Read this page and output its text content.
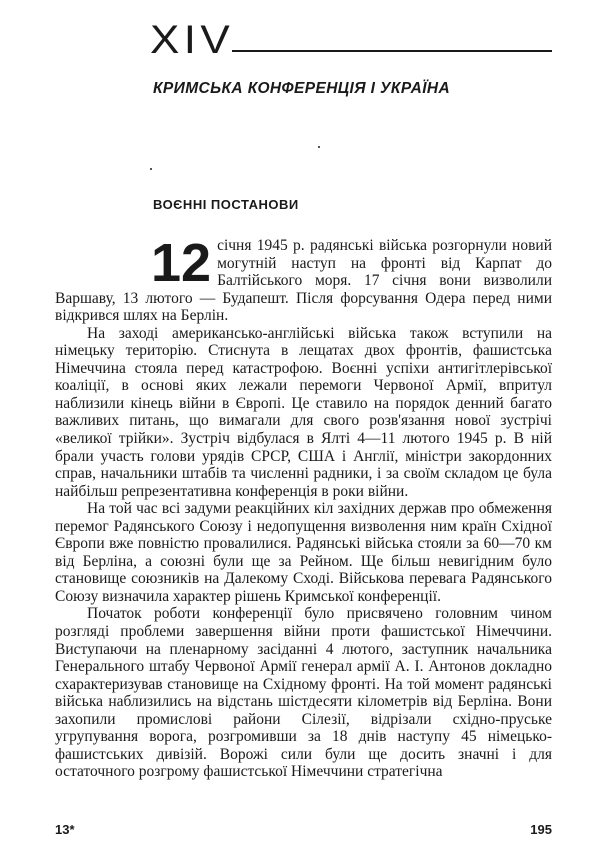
XIV
КРИМСЬКА КОНФЕРЕНЦІЯ І УКРАЇНА
ВОЄННІ ПОСТАНОВИ

12 січня 1945 р. радянські війська розгорнули новий могутній наступ на фронті від Карпат до Балтійського моря. 17 січня вони визволили Варшаву, 13 лютого — Будапешт. Після форсування Одера перед ними відкрився шлях на Берлін.

На заході американсько-англійські війська також вступили на німецьку територію. Стиснута в лещатах двох фронтів, фашистська Німеччина стояла перед катастрофою. Воєнні успіхи антигітлерівської коаліції, в основі яких лежали перемоги Червоної Армії, впритул наблизили кінець війни в Європі. Це ставило на порядок денний багато важливих питань, що вимагали для свого розв'язання нової зустрічі «великої трійки». Зустріч відбулася в Ялті 4—11 лютого 1945 р. В ній брали участь голови урядів СРСР, США і Англії, міністри закордонних справ, начальники штабів та численні радники, і за своїм складом це була найбільш репрезентативна конференція в роки війни.

На той час всі задуми реакційних кіл західних держав про обмеження перемог Радянського Союзу і недопущення визволення ним країн Східної Європи вже повністю провалилися. Радянські війська стояли за 60—70 км від Берліна, а союзні були ще за Рейном. Ще більш невигідним було становище союзників на Далекому Сході. Військова перевага Радянського Союзу визначила характер рішень Кримської конференції.

Початок роботи конференції було присвячено головним чином розгляді проблеми завершення війни проти фашистської Німеччини. Виступаючи на пленарному засіданні 4 лютого, заступник начальника Генерального штабу Червоної Армії генерал армії А. І. Антонов докладно схарактеризував становище на Східному фронті. На той момент радянські війська наблизились на відстань шістдесяти кілометрів від Берліна. Вони захопили промислові райони Сілезії, відрізали східно-пруське угрупування ворога, розгромивши за 18 днів наступу 45 німецько-фашистських дивізій. Ворожі сили були ще досить значні і для остаточного розгрому фашистської Німеччини стратегічна

13*	195
